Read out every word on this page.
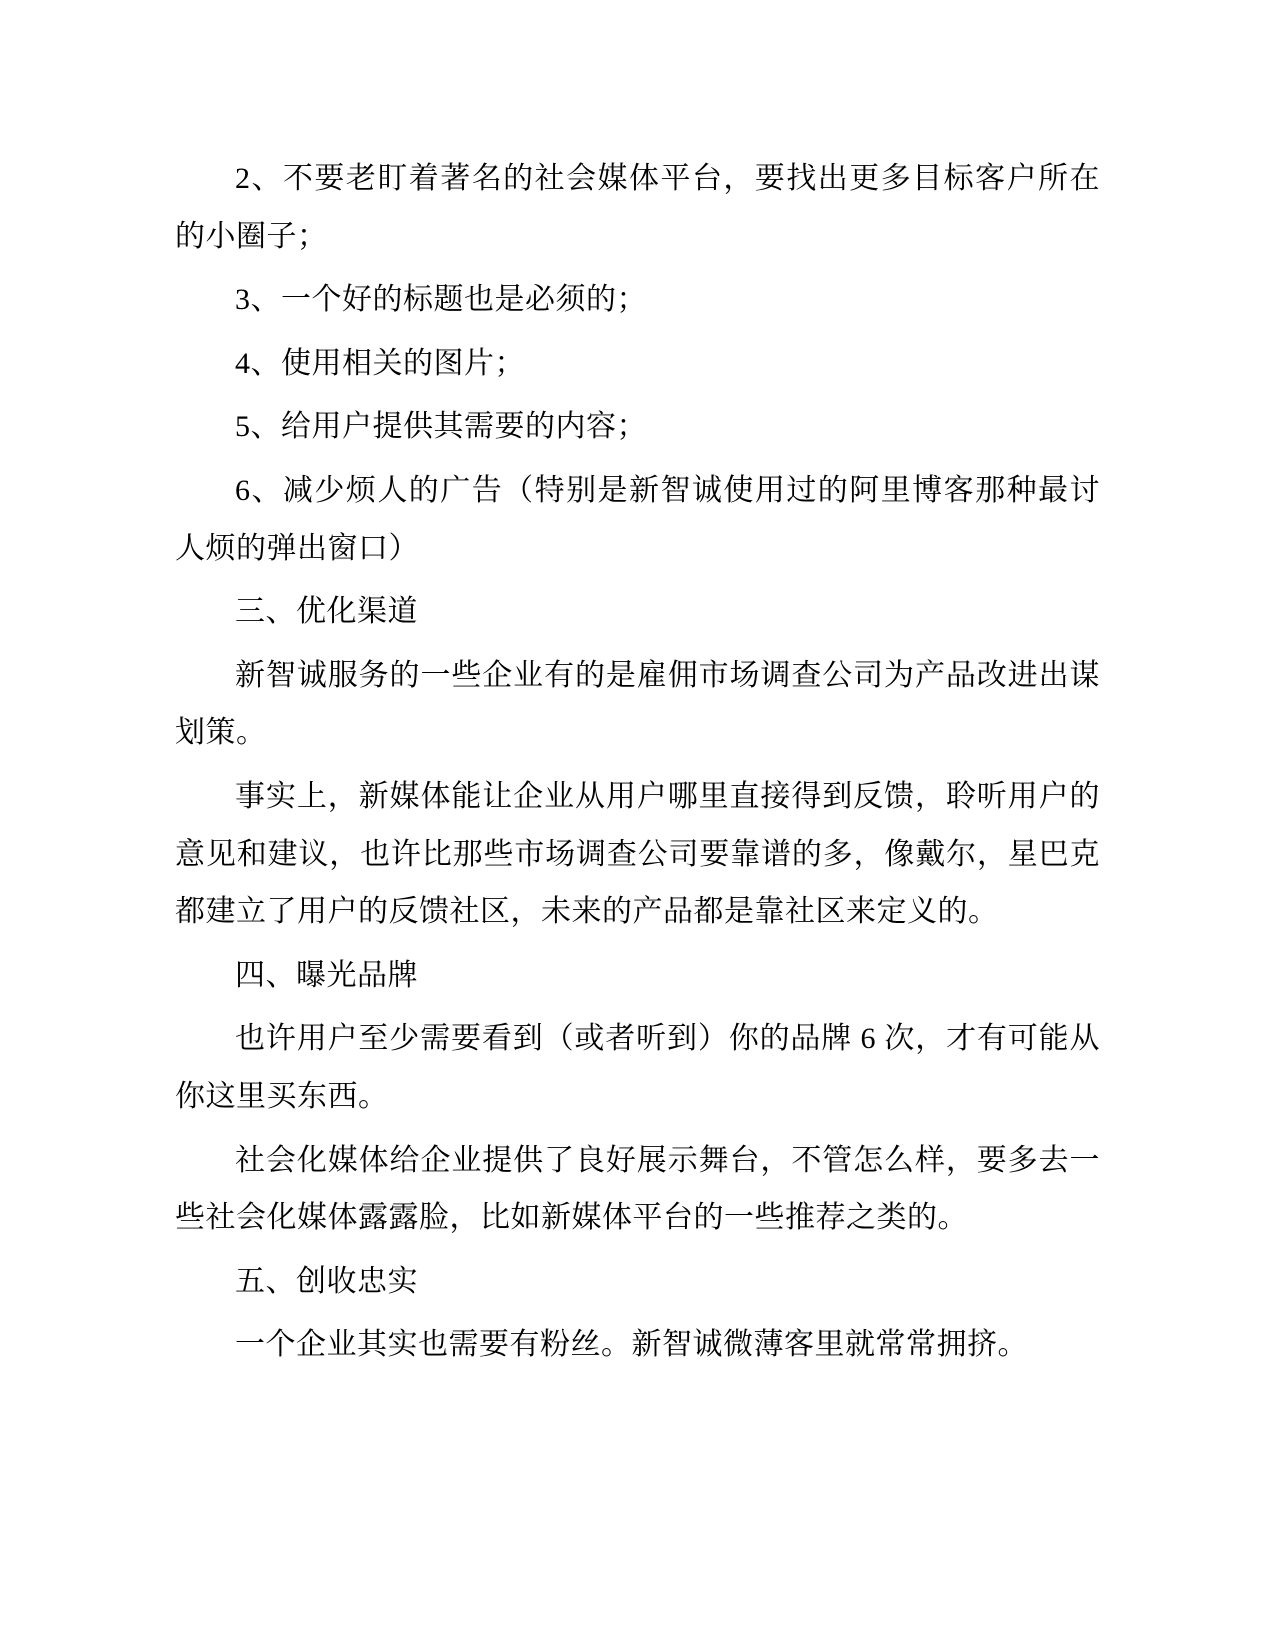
2、不要老盯着著名的社会媒体平台，要找出更多目标客户所在的小圈子；

3、一个好的标题也是必须的；

4、使用相关的图片；

5、给用户提供其需要的内容；

6、减少烦人的广告（特别是新智诚使用过的阿里博客那种最讨人烦的弹出窗口）

三、优化渠道

新智诚服务的一些企业有的是雇佣市场调查公司为产品改进出谋划策。

事实上，新媒体能让企业从用户哪里直接得到反馈，聆听用户的意见和建议，也许比那些市场调查公司要靠谱的多，像戴尔，星巴克都建立了用户的反馈社区，未来的产品都是靠社区来定义的。

四、曝光品牌

也许用户至少需要看到（或者听到）你的品牌 6 次，才有可能从你这里买东西。

社会化媒体给企业提供了良好展示舞台，不管怎么样，要多去一些社会化媒体露露脸，比如新媒体平台的一些推荐之类的。

五、创收忠实

一个企业其实也需要有粉丝。新智诚微薄客里就常常拥挤。
